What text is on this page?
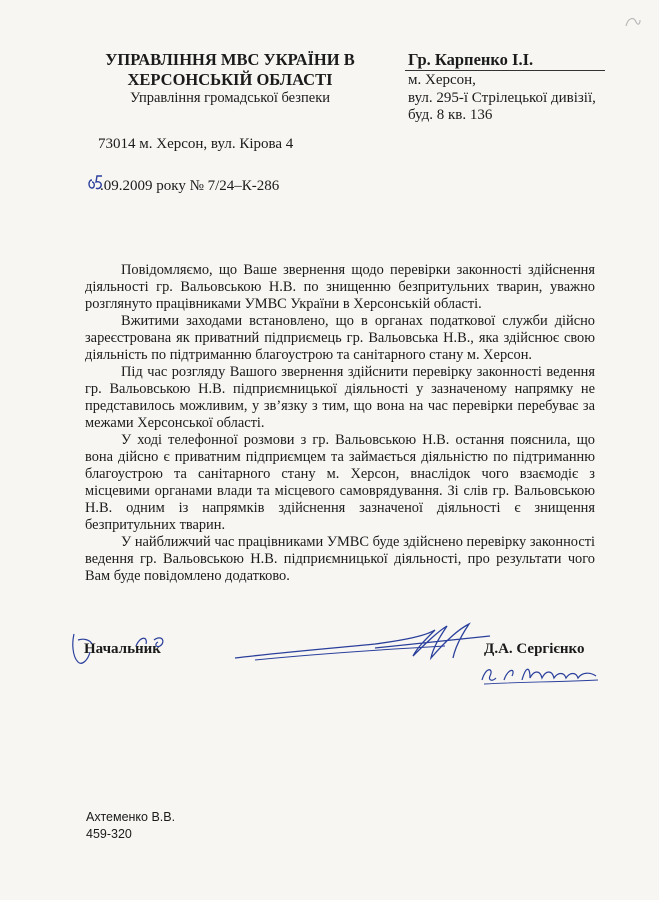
УПРАВЛІННЯ МВС УКРАЇНИ В ХЕРСОНСЬКІЙ ОБЛАСТІ
Управління громадської безпеки
73014 м. Херсон, вул. Кірова 4
Гр. Карпенко І.І.
м. Херсон,
вул. 295-ї Стрілецької дивізії,
буд. 8 кв. 136
.09.2009 року № 7/24–К-286

Повідомляємо, що Ваше звернення щодо перевірки законності здійснення діяльності гр. Вальовською Н.В. по знищенню безпритульних тварин, уважно розглянуто працівниками УМВС України в Херсонській області.

Вжитими заходами встановлено, що в органах податкової служби дійсно зареєстрована як приватний підприємець гр. Вальовська Н.В., яка здійснює свою діяльність по підтриманню благоустрою та санітарного стану м. Херсон.

Під час розгляду Вашого звернення здійснити перевірку законності ведення гр. Вальовською Н.В. підприємницької діяльності у зазначеному напрямку не представилось можливим, у зв’язку з тим, що вона на час перевірки перебуває за межами Херсонської області.

У ході телефонної розмови з гр. Вальовською Н.В. остання пояснила, що вона дійсно є приватним підприємцем та займається діяльністю по підтриманню благоустрою та санітарного стану м. Херсон, внаслідок чого взаємодіє з місцевими органами влади та місцевого самоврядування. Зі слів гр. Вальовською Н.В. одним із напрямків здійснення зазначеної діяльності є знищення безпритульних тварин.

У найближчий час працівниками УМВС буде здійснено перевірку законності ведення гр. Вальовською Н.В. підприємницької діяльності, про результати чого Вам буде повідомлено додатково.

Начальник	Д.А. Сергієнко
Ахтеменко В.В.
459-320
